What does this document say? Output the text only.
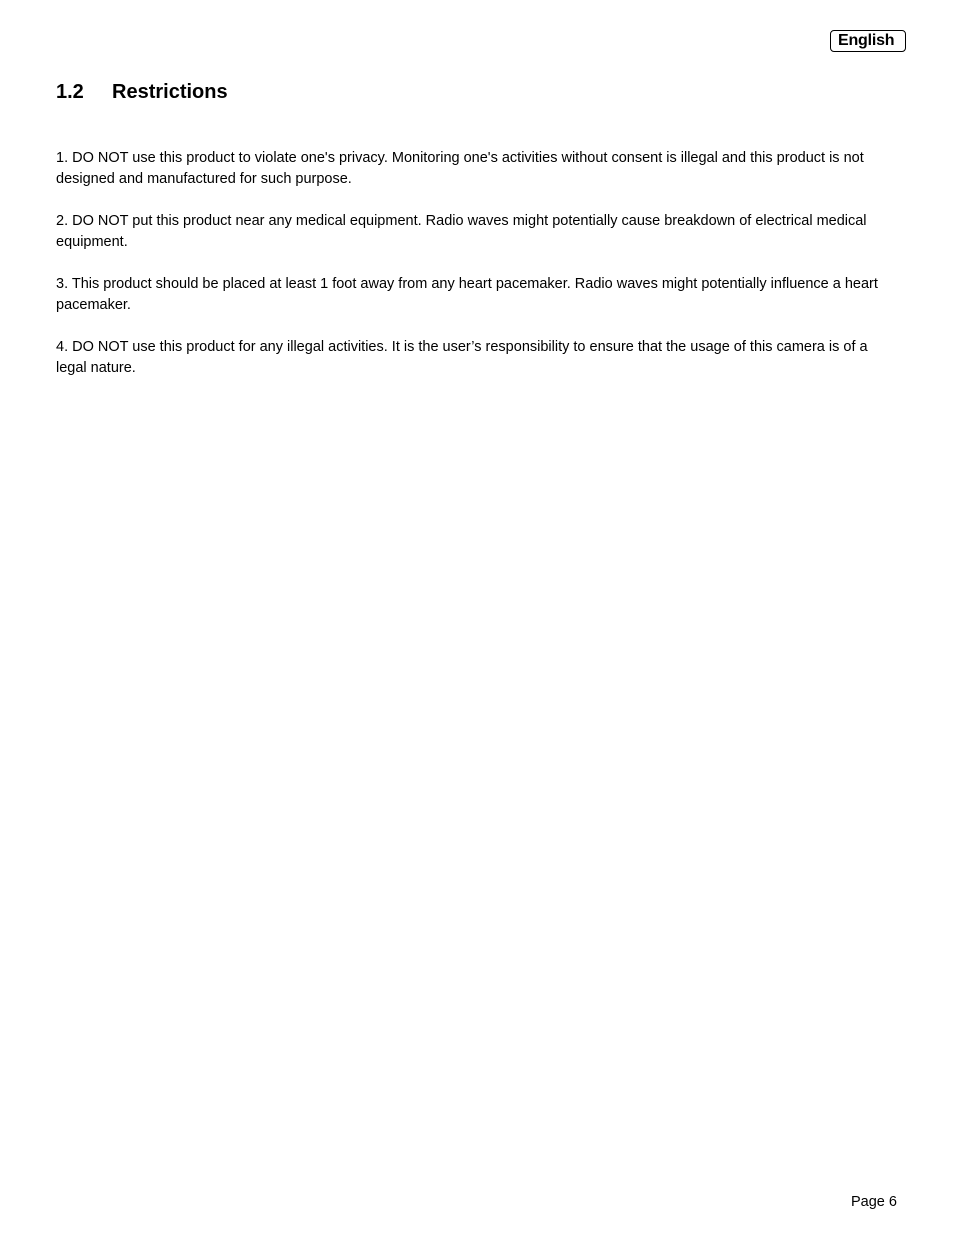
English
1.2 Restrictions

1. DO NOT use this product to violate one's privacy. Monitoring one's activities without consent is illegal and this product is not designed and manufactured for such purpose.

2. DO NOT put this product near any medical equipment. Radio waves might potentially cause breakdown of electrical medical equipment.

3. This product should be placed at least 1 foot away from any heart pacemaker. Radio waves might potentially influence a heart pacemaker.

4. DO NOT use this product for any illegal activities. It is the user’s responsibility to ensure that the usage of this camera is of a legal nature.

Page 6
